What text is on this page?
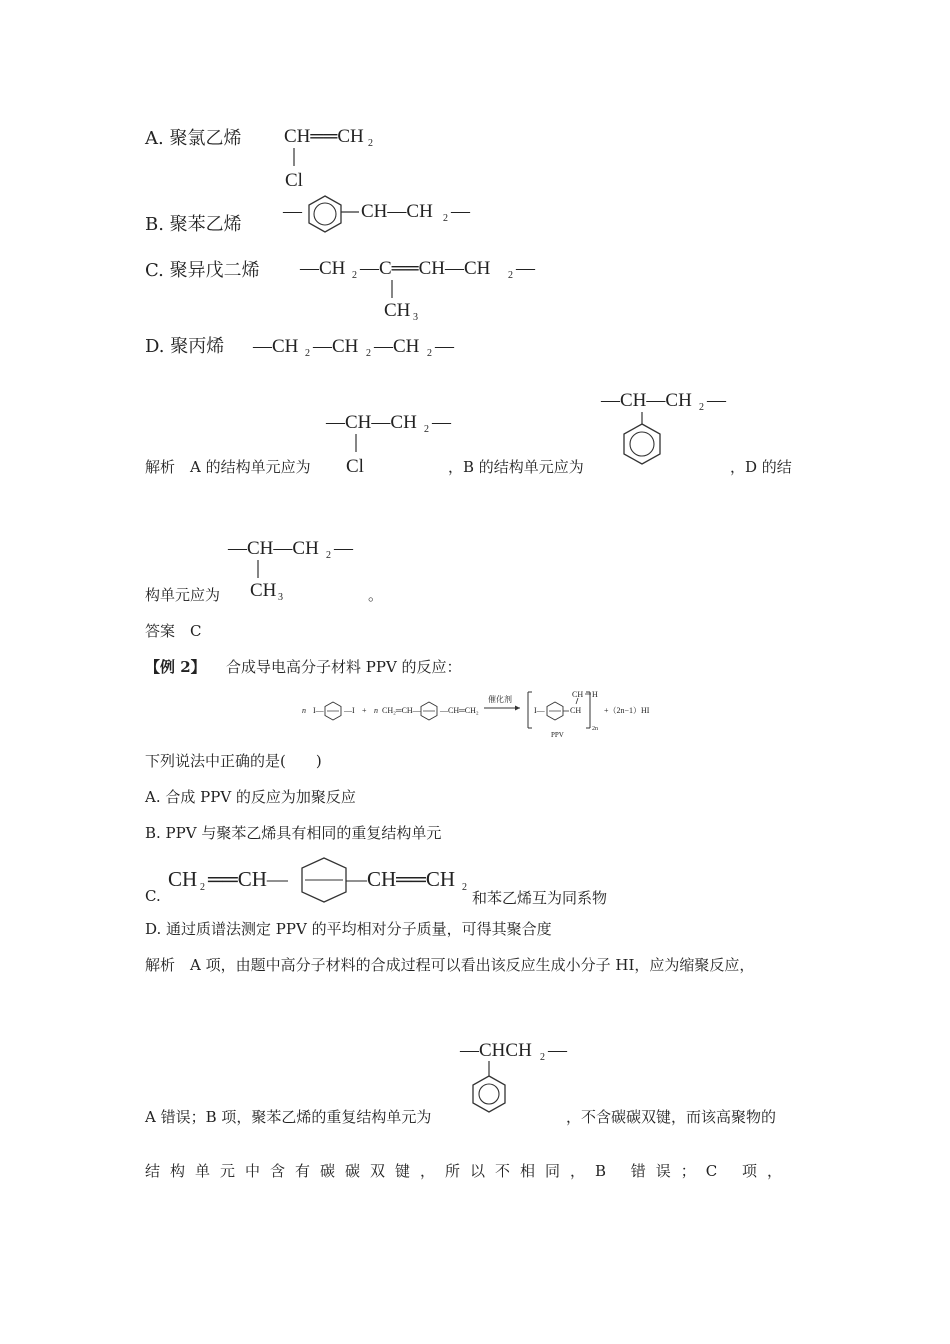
A. 聚氯乙烯 CH══CH 2
Cl
B. 聚苯乙烯
—	CH—CH 2 —
C. 聚异戊二烯 —CH 2 —C══CH—CH 2 —
CH 3
D. 聚丙烯 —CH 2 —CH 2 —CH 2 —
—CH—CH 2 —
Cl
解析　A 的结构单元应为	，B 的结构单元应为
—CH—CH 2 —
，D 的结
—CH—CH 2 —
CH 3
构单元应为	。
答案　C
【例 2】 合成导电高分子材料 PPV 的反应：
n I—	—I + n CH₂═CH— —CH═CH₂
催化剂
I—	CH
CH H
2n
+（2n−1）HI
PPV
下列说法中正确的是(　　)
A. 合成 PPV 的反应为加聚反应
B. PPV 与聚苯乙烯具有相同的重复结构单元
C.
CH 2 ══CH—	—CH══CH 2
和苯乙烯互为同系物
D. 通过质谱法测定 PPV 的平均相对分子质量，可得其聚合度
解析　A 项，由题中高分子材料的合成过程可以看出该反应生成小分子 HI，应为缩聚反应，
—CHCH 2 —
A 错误；B 项，聚苯乙烯的重复结构单元为	，不含碳碳双键，而该高聚物的
结构单元中含有碳碳双键，所以不相同，B 错误；C 项，
